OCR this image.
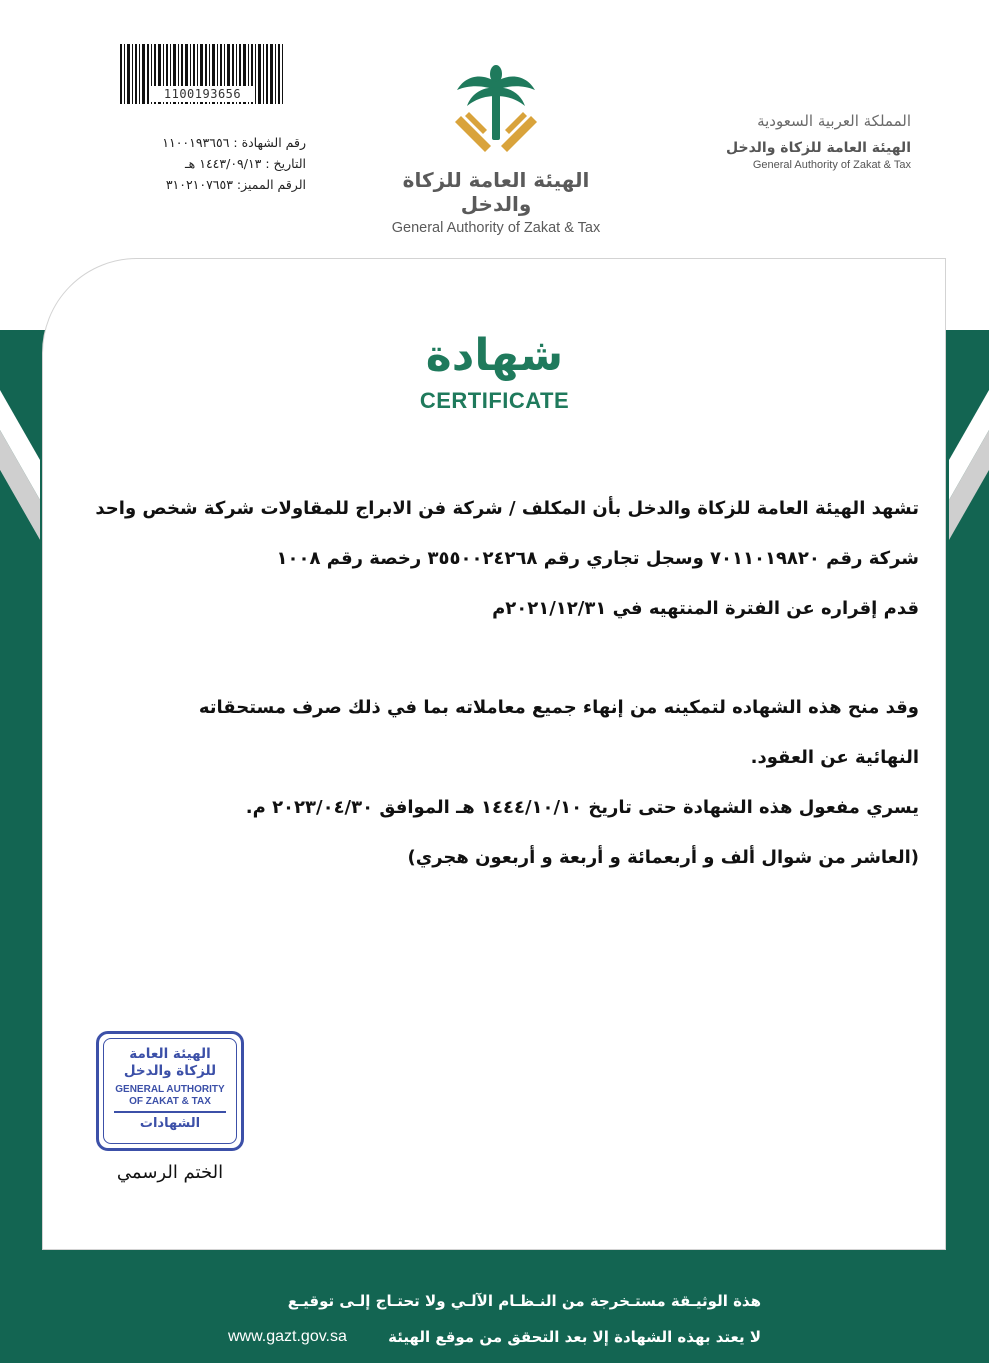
1100193656
رقم الشهادة : ١١٠٠١٩٣٦٥٦
التاريخ : ١٤٤٣/٠٩/١٣ هـ
الرقم المميز: ٣١٠٢١٠٧٦٥٣	الهيئة العامة للزكاة والدخل
General Authority of Zakat & Tax
المملكة العربية السعودية
الهيئة العامة للزكاة والدخل
General Authority of Zakat & Tax
شهادة
CERTIFICATE
تشهد الهيئة العامة للزكاة والدخل بأن المكلف / شركة فن الابراج للمقاولات شركة شخص واحد
شركة رقم ٧٠١١٠١٩٨٢٠ وسجل تجاري رقم ٣٥٥٠٠٢٤٢٦٨ رخصة رقم ١٠٠٨
قدم إقراره عن الفترة المنتهيه في ٢٠٢١/١٢/٣١م
وقد منح هذه الشهاده لتمكينه من إنهاء جميع معاملاته بما في ذلك صرف مستحقاته
النهائية عن العقود.
يسري مفعول هذه الشهادة حتى تاريخ ١٤٤٤/١٠/١٠ هـ الموافق ٢٠٢٣/٠٤/٣٠ م.
(العاشر من شوال ألف و أربعمائة و أربعة و أربعون هجري)
الهيئة العامة
للزكاة والدخل
GENERAL AUTHORITY
OF ZAKAT & TAX
الشهادات
الختم الرسمي
هذة الوثيـقة مستـخرجة من النـظـام الآلـي ولا تحتـاج إلـى توقيـع
لا يعتد بهذه الشهادة إلا بعد التحقق من موقع الهيئة
www.gazt.gov.sa
